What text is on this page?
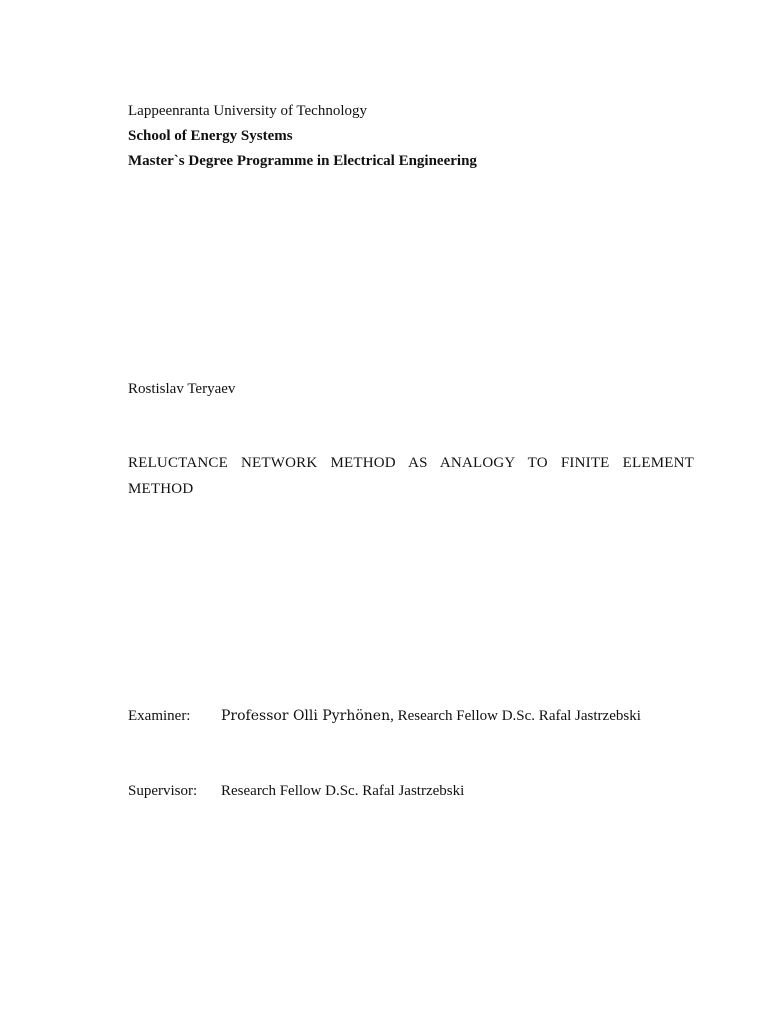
Lappeenranta University of Technology
School of Energy Systems
Master`s Degree Programme in Electrical Engineering
Rostislav Teryaev
RELUCTANCE NETWORK METHOD AS ANALOGY TO FINITE ELEMENT
METHOD
Examiner: Professor Olli Pyrhönen, Research Fellow D.Sc. Rafal Jastrzebski
Supervisor: Research Fellow D.Sc. Rafal Jastrzebski
